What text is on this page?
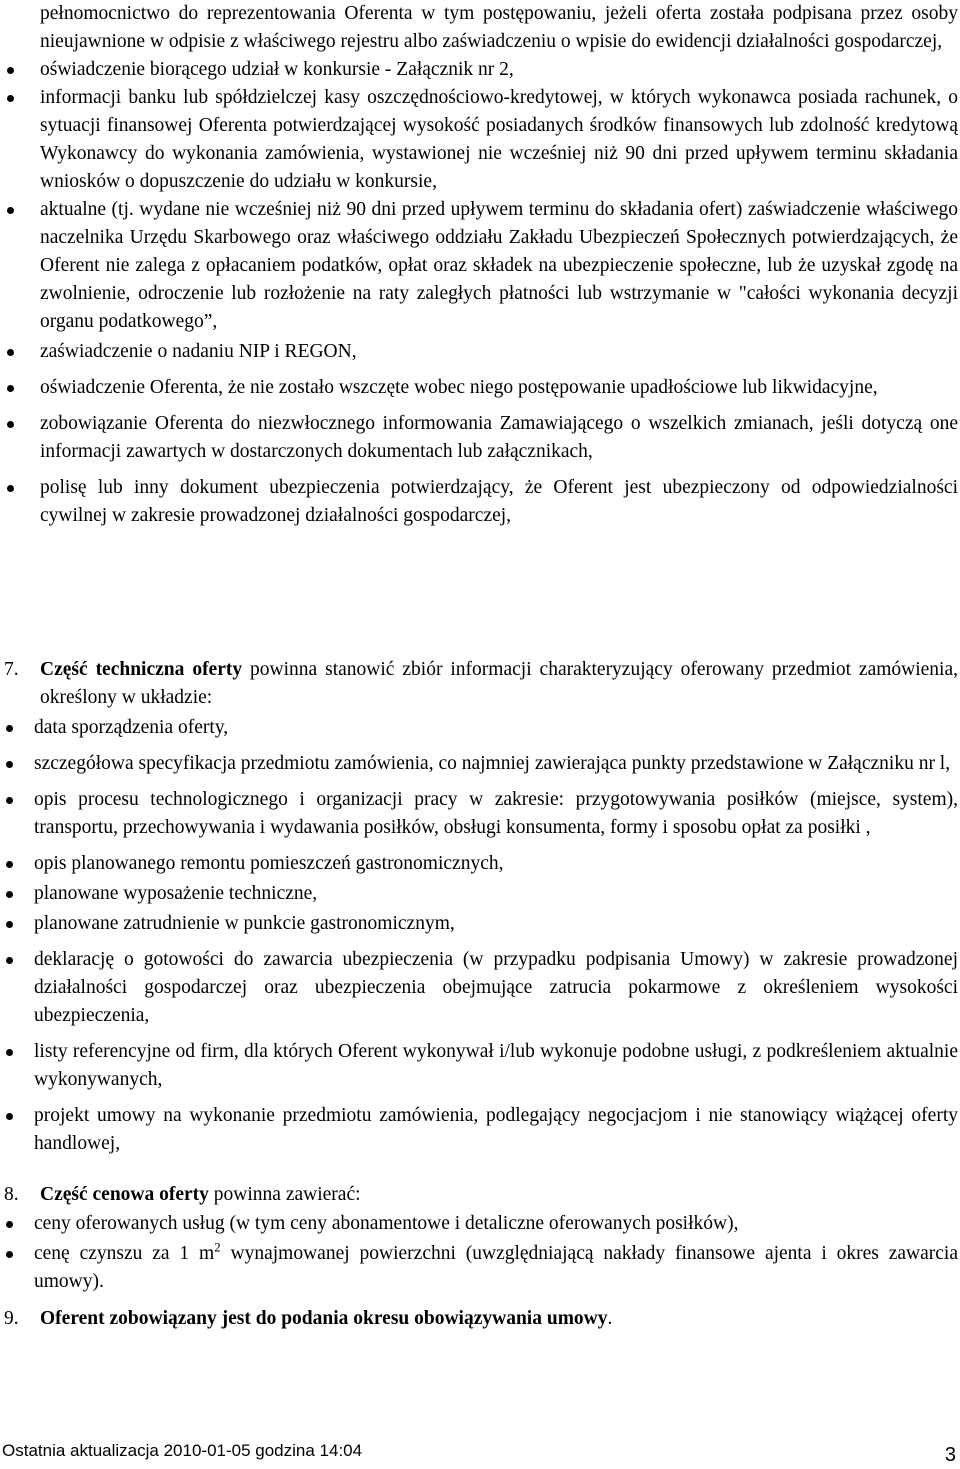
pełnomocnictwo do reprezentowania Oferenta w tym postępowaniu, jeżeli oferta została podpisana przez osoby nieujawnione w odpisie z właściwego rejestru albo zaświadczeniu o wpisie do ewidencji działalności gospodarczej,
oświadczenie biorącego udział w konkursie - Załącznik nr 2,
informacji banku lub spółdzielczej kasy oszczędnościowo-kredytowej, w których wykonawca posiada rachunek, o sytuacji finansowej Oferenta potwierdzającej wysokość posiadanych środków finansowych lub zdolność kredytową Wykonawcy do wykonania zamówienia, wystawionej nie wcześniej niż 90 dni przed upływem terminu składania wniosków o dopuszczenie do udziału w konkursie,
aktualne (tj. wydane nie wcześniej niż 90 dni przed upływem terminu do składania ofert) zaświadczenie właściwego naczelnika Urzędu Skarbowego oraz właściwego oddziału Zakładu Ubezpieczeń Społecznych potwierdzających, że Oferent nie zalega z opłacaniem podatków, opłat oraz składek na ubezpieczenie społeczne, lub że uzyskał zgodę na zwolnienie, odroczenie lub rozłożenie na raty zaległych płatności lub wstrzymanie w "całości wykonania decyzji organu podatkowego”,
zaświadczenie o nadaniu NIP i REGON,
oświadczenie Oferenta, że nie zostało wszczęte wobec niego postępowanie upadłościowe lub likwidacyjne,
zobowiązanie Oferenta do niezwłocznego informowania Zamawiającego o wszelkich zmianach, jeśli dotyczą one informacji zawartych w dostarczonych dokumentach lub załącznikach,
polisę lub inny dokument ubezpieczenia potwierdzający, że Oferent jest ubezpieczony od odpowiedzialności cywilnej w zakresie prowadzonej działalności gospodarczej,
7. Część techniczna oferty powinna stanowić zbiór informacji charakteryzujący oferowany przedmiot zamówienia, określony w układzie:
data sporządzenia oferty,
szczegółowa specyfikacja przedmiotu zamówienia, co najmniej zawierająca punkty przedstawione w Załączniku nr l,
opis procesu technologicznego i organizacji pracy w zakresie: przygotowywania posiłków (miejsce, system), transportu, przechowywania i wydawania posiłków, obsługi konsumenta, formy i sposobu opłat za posiłki ,
opis planowanego remontu pomieszczeń gastronomicznych,
planowane wyposażenie techniczne,
planowane zatrudnienie w punkcie gastronomicznym,
deklarację o gotowości do zawarcia ubezpieczenia (w przypadku podpisania Umowy) w zakresie prowadzonej działalności gospodarczej oraz ubezpieczenia obejmujące zatrucia pokarmowe z określeniem wysokości ubezpieczenia,
listy referencyjne od firm, dla których Oferent wykonywał i/lub wykonuje podobne usługi, z podkreśleniem aktualnie wykonywanych,
projekt umowy na wykonanie przedmiotu zamówienia, podlegający negocjacjom i nie stanowiący wiążącej oferty handlowej,
8. Część cenowa oferty powinna zawierać:
ceny oferowanych usług (w tym ceny abonamentowe i detaliczne oferowanych posiłków),
cenę czynszu za 1 $m^2$ wynajmowanej powierzchni (uwzględniającą nakłady finansowe ajenta i okres zawarcia umowy).
9. Oferent zobowiązany jest do podania okresu obowiązywania umowy.
Ostatnia aktualizacja 2010-01-05 godzina 14:04	3
